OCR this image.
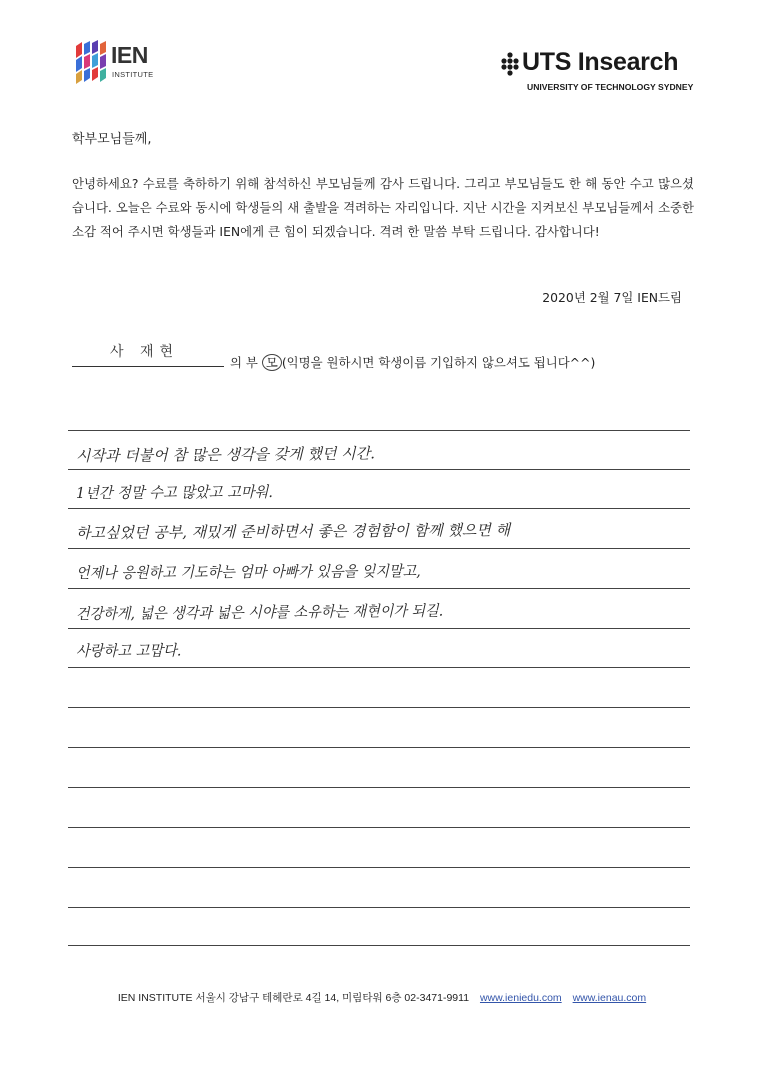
IEN
INSTITUTE	UTS Insearch
UNIVERSITY OF TECHNOLOGY SYDNEY
학부모님들께,
안녕하세요? 수료를 축하하기 위해 참석하신 부모님들께 감사 드립니다. 그리고 부모님들도 한 해 동안 수고 많으셨습니다. 오늘은 수료와 동시에 학생들의 새 출발을 격려하는 자리입니다. 지난 시간을 지켜보신 부모님들께서 소중한 소감 적어 주시면 학생들과 IEN에게 큰 힘이 되겠습니다. 격려 한 말씀 부탁 드립니다. 감사합니다!
2020년 2월 7일 IEN드림
사 재현
의 부 모 (익명을 원하시면 학생이름 기입하지 않으셔도 됩니다^^)
시작과 더불어 참 많은 생각을 갖게 했던 시간.
1년간 정말 수고 많았고 고마워.
하고싶었던 공부, 재밌게 준비하면서 좋은 경험함이 함께 했으면 해
언제나 응원하고 기도하는 엄마 아빠가 있음을 잊지말고,
건강하게, 넓은 생각과 넓은 시야를 소유하는 재현이가 되길.
사랑하고 고맙다.
IEN INSTITUTE 서울시 강남구 테헤란로 4길 14, 미림타워 6층 02-3471-9911 www.ieniedu.com www.ienau.com
